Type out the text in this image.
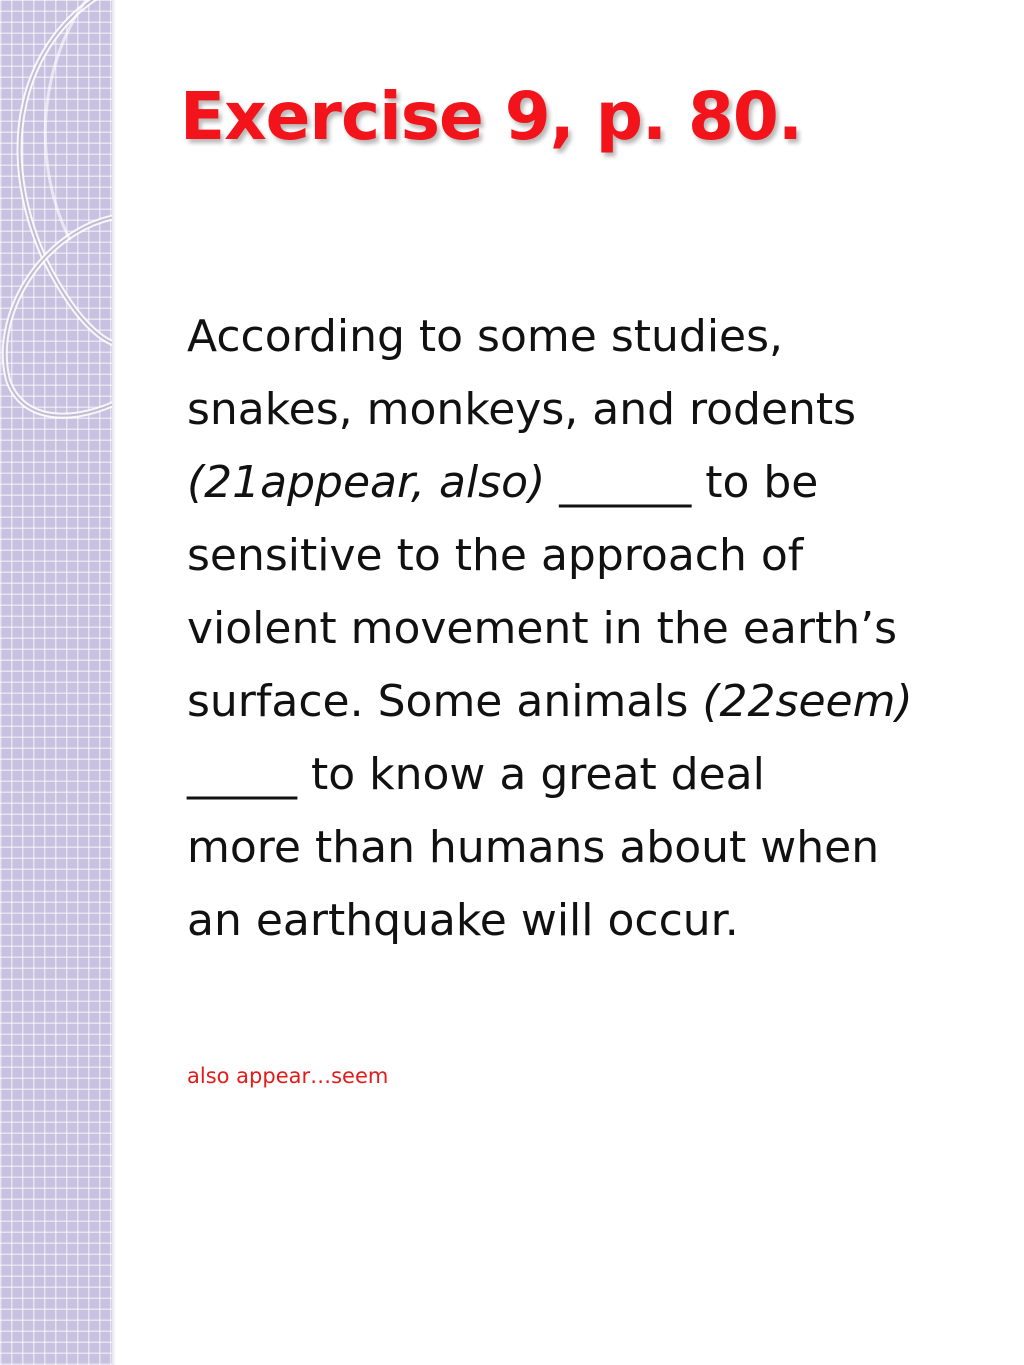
Exercise 9, p. 80.
According to some studies,
snakes, monkeys, and rodents
(21appear, also) ______ to be
sensitive to the approach of
violent movement in the earth’s
surface. Some animals (22seem)
_____ to know a great deal
more than humans about when
an earthquake will occur.
also appear…seem
